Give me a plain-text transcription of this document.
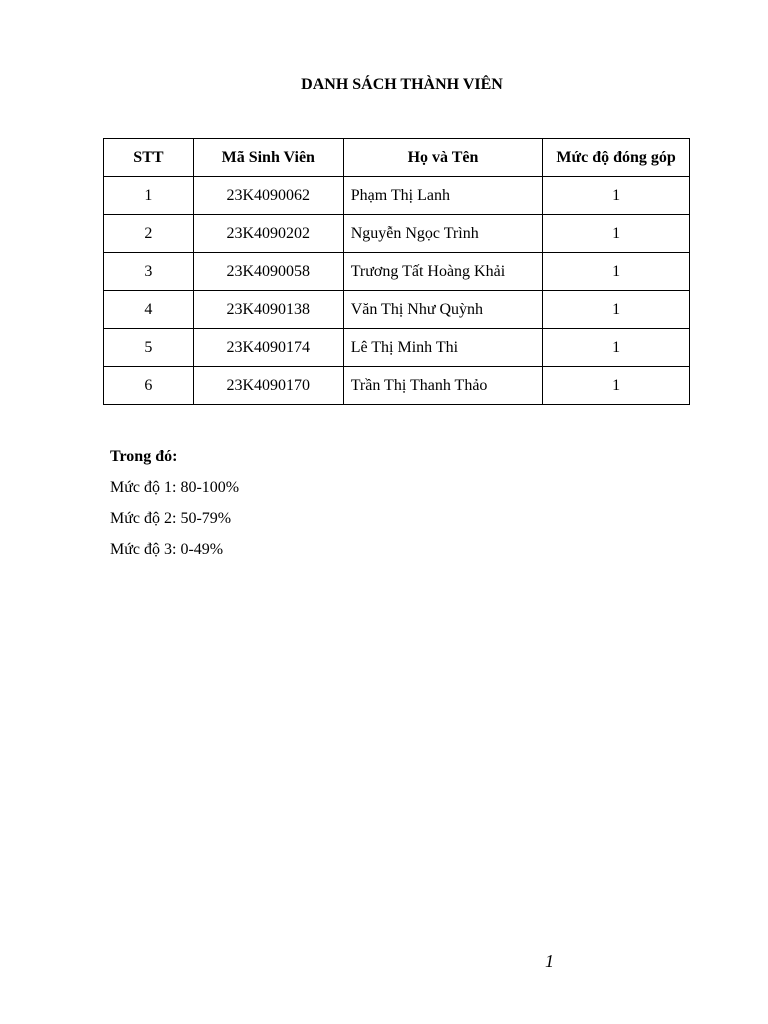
DANH SÁCH THÀNH VIÊN
STT	Mã Sinh Viên	Họ và Tên	Mức độ đóng góp
1	23K4090062	Phạm Thị Lanh	1
2	23K4090202	Nguyễn Ngọc Trình	1
3	23K4090058	Trương Tất Hoàng Khải	1
4	23K4090138	Văn Thị Như Quỳnh	1
5	23K4090174	Lê Thị Minh Thi	1
6	23K4090170	Trần Thị Thanh Thảo	1
Trong đó:
Mức độ 1: 80-100%
Mức độ 2: 50-79%
Mức độ 3: 0-49%
1
